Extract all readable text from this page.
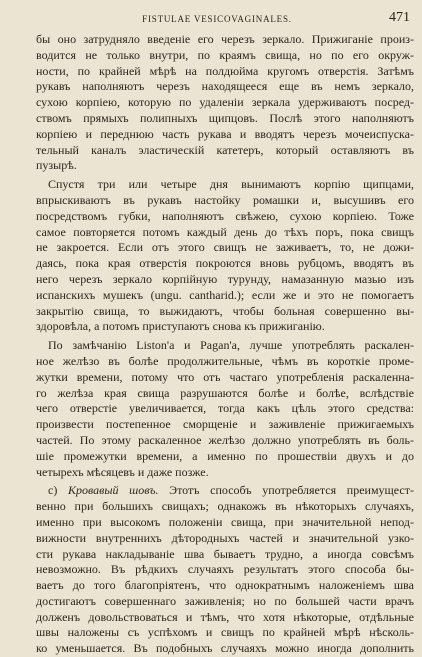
FISTULAE VESICOVAGINALES.	471
бы оно затрудняло введеніе его черезъ зеркало. Прижиганіе произ-
водится не только внутри, по краямъ свища, но по его окруж-
ности, по крайней мѣрѣ на полдюйма кругомъ отверстія. Затѣмъ
рукавъ наполняютъ черезъ находящееся еще въ немъ зеркало,
сухою корпіею, которую по удаленіи зеркала удерживаютъ посред-
ствомъ прямыхъ полипныхъ щипцовъ. Послѣ этого наполняютъ
корпіею и переднюю часть рукава и вводятъ черезъ мочеиспуска-
тельный каналъ эластическій катетеръ, который оставляютъ въ
пузырѣ.
Спустя три или четыре дня вынимаютъ корпію щипцами,
впрыскиваютъ въ рукавъ настойку ромашки и, высушивъ его
посредствомъ губки, наполняютъ свѣжею, сухою корпіею. Тоже
самое повторяется потомъ каждый день до тѣхъ поръ, пока свищъ
не закроется. Если отъ этого свищъ не заживаетъ, то, не дожи-
даясь, пока края отверстія покроются вновь рубцомъ, вводятъ въ
него черезъ зеркало корпійную турунду, намазанную мазью изъ
испанскихъ мушекъ (ungu. cantharid.); если же и это не помогаетъ
закрытію свища, то выжидаютъ, чтобы больная совершенно вы-
здоровѣла, а потомъ приступаютъ снова къ прижиганію.
По замѣчанію Liston'а и Pagan'а, лучше употреблять раскален-
ное желѣзо въ болѣе продолжительные, чѣмъ въ короткіе проме-
жутки времени, потому что отъ частаго употребленія раскаленна-
го желѣза края свища разрушаются болѣе и болѣе, вслѣдствіе
чего отверстіе увеличивается, тогда какъ цѣль этого средства:
произвести постепенное сморщеніе и заживленіе прижигаемыхъ
частей. По этому раскаленное желѣзо должно употреблять въ боль-
шіе промежутки времени, а именно по прошествіи двухъ и до
четырехъ мѣсяцевъ и даже позже.
с) Кровавый шовъ. Этотъ способъ употребляется преимущест-
венно при большихъ свищахъ; однакожъ въ нѣкоторыхъ случаяхъ,
именно при высокомъ положеніи свища, при значительной непод-
вижности внутреннихъ дѣтородныхъ частей и значительной узко-
сти рукава накладываніе шва бываетъ трудно, а иногда совсѣмъ
невозможно. Въ рѣдкихъ случаяхъ результатъ этого способа бы-
ваетъ до того благопріятенъ, что однократнымъ наложеніемъ шва
достигаютъ совершеннаго заживленія; но по большей части врачъ
долженъ довольствоваться и тѣмъ, что хотя нѣкоторые, отдѣльные
швы наложены съ успѣхомъ и свищъ по крайней мѣрѣ нѣсколь-
ко уменьшается. Въ подобныхъ случаяхъ можно иногда дополнить
